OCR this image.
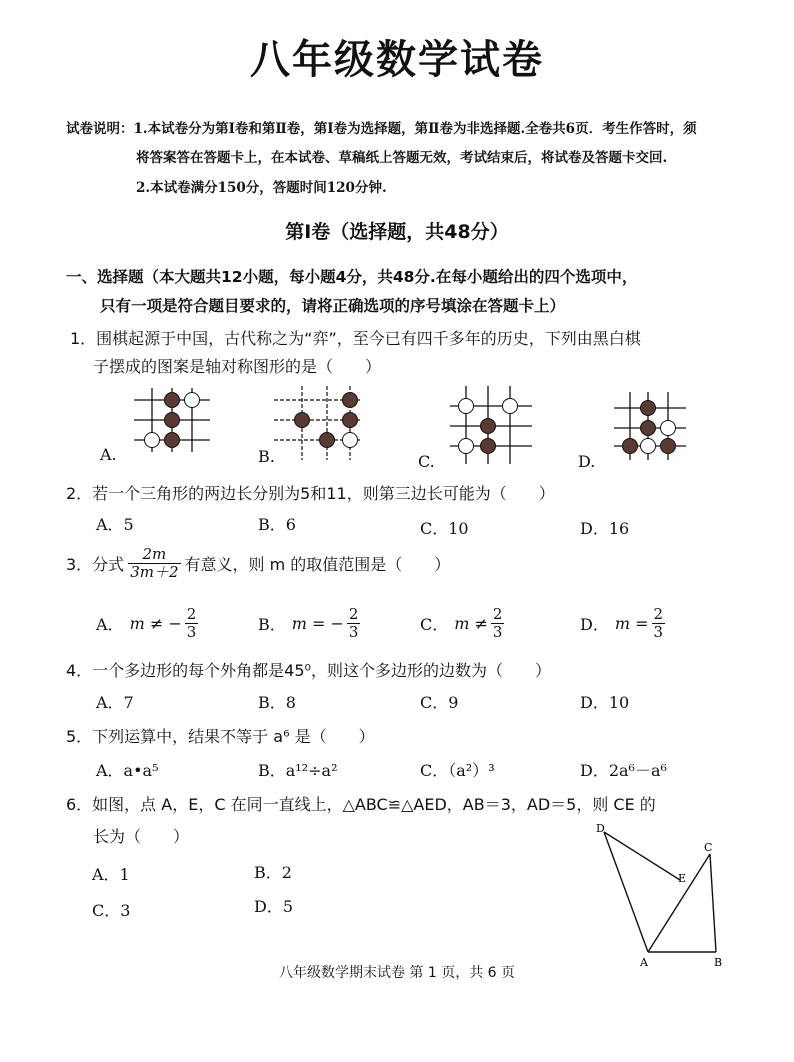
八年级数学试卷
试卷说明：1.本试卷分为第Ⅰ卷和第Ⅱ卷，第Ⅰ卷为选择题，第Ⅱ卷为非选择题.全卷共6页．考生作答时，须
将答案答在答题卡上，在本试卷、草稿纸上答题无效，考试结束后，将试卷及答题卡交回.
2.本试卷满分150分，答题时间120分钟.
第Ⅰ卷（选择题，共48分）
一、选择题（本大题共12小题，每小题4分，共48分.在每小题给出的四个选项中，
只有一项是符合题目要求的，请将正确选项的序号填涂在答题卡上）
1．围棋起源于中国，古代称之为“弈”，至今已有四千多年的历史，下列由黑白棋
子摆成的图案是轴对称图形的是（　　）
A.	B.	C.	D.
2．若一个三角形的两边长分别为5和11，则第三边长可能为（　　）
A．5	B．6	C．10	D．16
3．分式 $\frac{2m}{3m+2}$ 有意义，则 m 的取值范围是（　　）
A． m ≠ − $\frac{2}{3}$	B． m = − $\frac{2}{3}$	C． $m \ne \frac{2}{3}$	D． $m = \frac{2}{3}$
4．一个多边形的每个外角都是45⁰，则这个多边形的边数为（　　）
A．7	B．8	C．9	D．10
5．下列运算中，结果不等于 a⁶ 是（　　）
A．a•a⁵	B．a¹²÷a²	C．（a²）³	D．2a⁶－a⁶
6．如图，点 A，E，C 在同一直线上，△ABC≌△AED，AB＝3，AD＝5，则 CE 的
长为（　　）
A．1	B．2
C．3	D．5
D
C
E
A	B
八年级数学期末试卷 第 1 页，共 6 页
